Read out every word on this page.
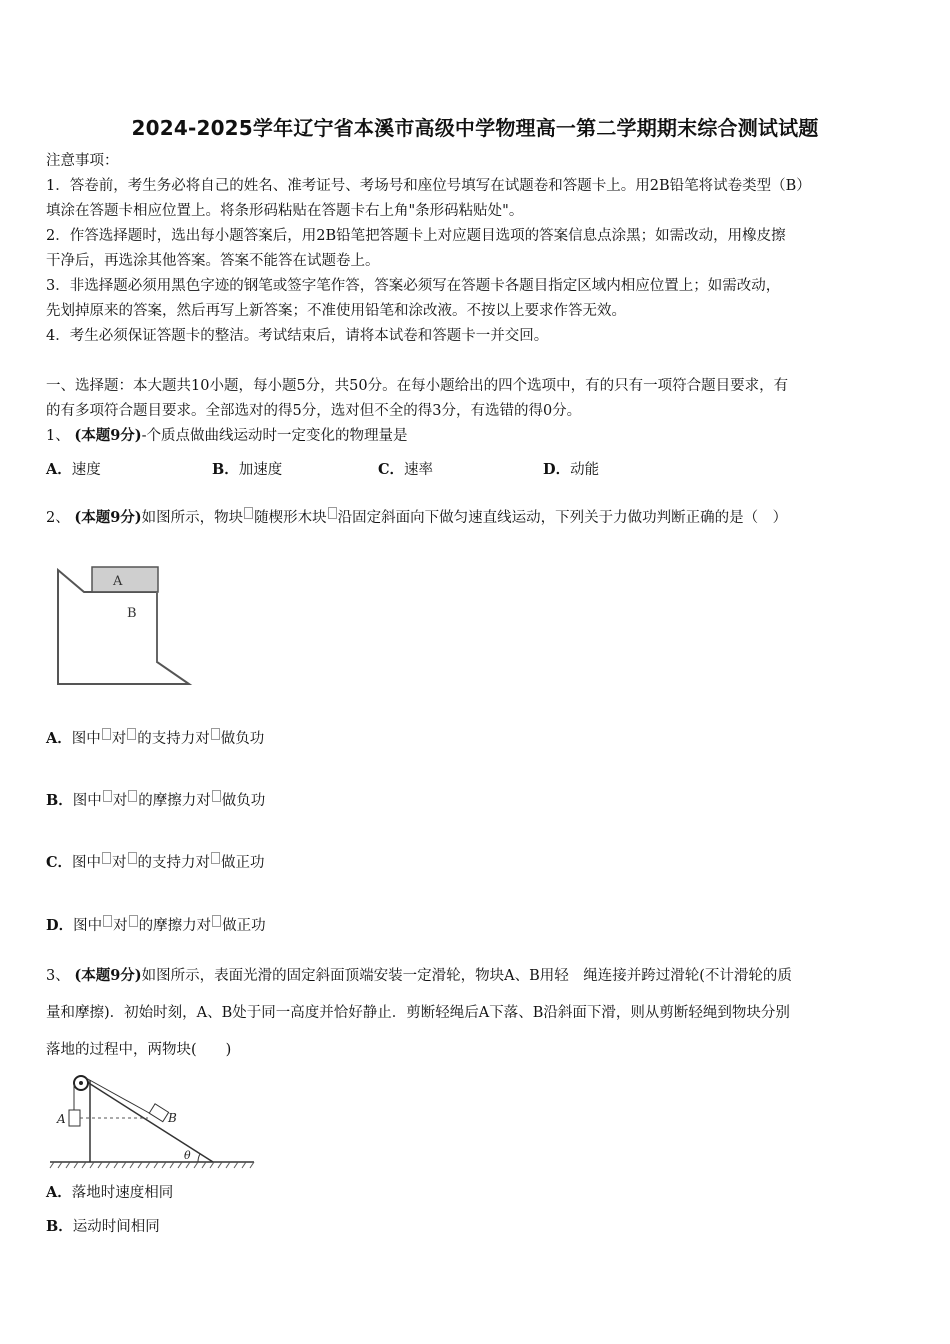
2024-2025学年辽宁省本溪市高级中学物理高一第二学期期末综合测试试题
注意事项：
1．答卷前，考生务必将自己的姓名、准考证号、考场号和座位号填写在试题卷和答题卡上。用2B铅笔将试卷类型（B）
填涂在答题卡相应位置上。将条形码粘贴在答题卡右上角"条形码粘贴处"。
2．作答选择题时，选出每小题答案后，用2B铅笔把答题卡上对应题目选项的答案信息点涂黑；如需改动，用橡皮擦
干净后，再选涂其他答案。答案不能答在试题卷上。
3．非选择题必须用黑色字迹的钢笔或签字笔作答，答案必须写在答题卡各题目指定区域内相应位置上；如需改动，
先划掉原来的答案，然后再写上新答案；不准使用铅笔和涂改液。不按以上要求作答无效。
4．考生必须保证答题卡的整洁。考试结束后，请将本试卷和答题卡一并交回。
一、选择题：本大题共10小题，每小题5分，共50分。在每小题给出的四个选项中，有的只有一项符合题目要求，有
的有多项符合题目要求。全部选对的得5分，选对但不全的得3分，有选错的得0分。
1、 (本题9分)-个质点做曲线运动时一定变化的物理量是
A．速度	B．加速度	C．速率	D．动能
2、 (本题9分)如图所示，物块 随楔形木块 沿固定斜面向下做匀速直线运动，下列关于力做功判断正确的是（　）
A
B
A．图中 对 的支持力对 做负功
B．图中 对 的摩擦力对 做负功
C．图中 对 的支持力对 做正功
D．图中 对 的摩擦力对 做正功
3、 (本题9分)如图所示，表面光滑的固定斜面顶端安装一定滑轮，物块A、B用轻　绳连接并跨过滑轮(不计滑轮的质
量和摩擦)．初始时刻，A、B处于同一高度并恰好静止．剪断轻绳后A下落、B沿斜面下滑，则从剪断轻绳到物块分别
落地的过程中，两物块(　　)
A	B
θ
A．落地时速度相同
B．运动时间相同
